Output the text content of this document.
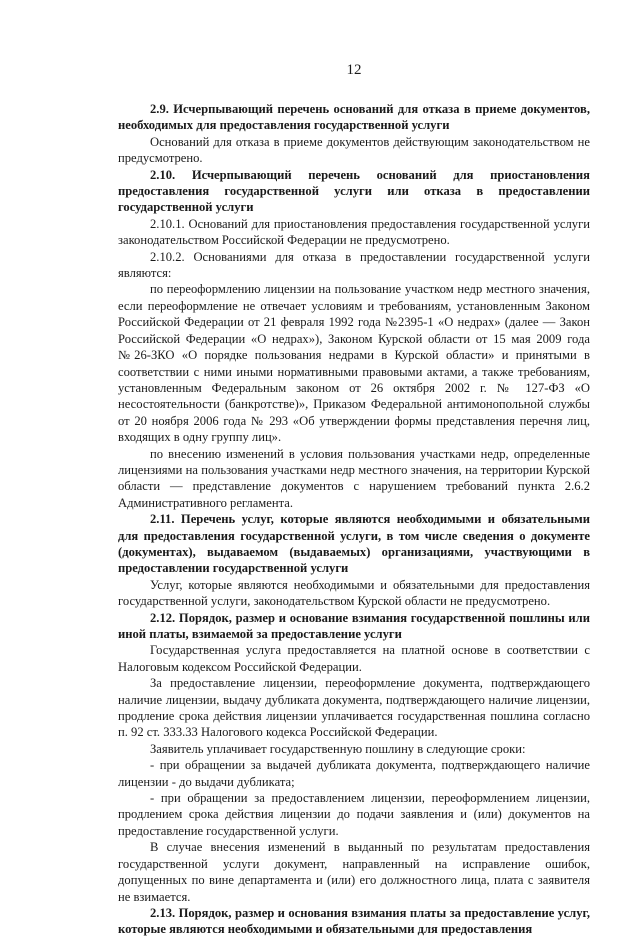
12

2.9. Исчерпывающий перечень оснований для отказа в приеме документов, необходимых для предоставления государственной услуги

Оснований для отказа в приеме документов действующим законодательством не предусмотрено.

2.10. Исчерпывающий перечень оснований для приостановления предоставления государственной услуги или отказа в предоставлении государственной услуги

2.10.1. Оснований для приостановления предоставления государственной услуги законодательством Российской Федерации не предусмотрено.

2.10.2. Основаниями для отказа в предоставлении государственной услуги являются:

по переоформлению лицензии на пользование участком недр местного значения, если переоформление не отвечает условиям и требованиям, установленным Законом Российской Федерации от 21 февраля 1992 года №2395-1 «О недрах» (далее — Закон Российской Федерации «О недрах»), Законом Курской области от 15 мая 2009 года №26-ЗКО «О порядке пользования недрами в Курской области» и принятыми в соответствии с ними иными нормативными правовыми актами, а также требованиям, установленным Федеральным законом от 26 октября 2002 г. № 127-ФЗ «О несостоятельности (банкротстве)», Приказом Федеральной антимонопольной службы от 20 ноября 2006 года № 293 «Об утверждении формы представления перечня лиц, входящих в одну группу лиц».

по внесению изменений в условия пользования участками недр, определенные лицензиями на пользования участками недр местного значения, на территории Курской области — представление документов с нарушением требований пункта 2.6.2 Административного регламента.

2.11. Перечень услуг, которые являются необходимыми и обязательными для предоставления государственной услуги, в том числе сведения о документе (документах), выдаваемом (выдаваемых) организациями, участвующими в предоставлении государственной услуги

Услуг, которые являются необходимыми и обязательными для предоставления государственной услуги, законодательством Курской области не предусмотрено.

2.12. Порядок, размер и основание взимания государственной пошлины или иной платы, взимаемой за предоставление услуги

Государственная услуга предоставляется на платной основе в соответствии с Налоговым кодексом Российской Федерации.

За предоставление лицензии, переоформление документа, подтверждающего наличие лицензии, выдачу дубликата документа, подтверждающего наличие лицензии, продление срока действия лицензии уплачивается государственная пошлина согласно п. 92 ст. 333.33 Налогового кодекса Российской Федерации.

Заявитель уплачивает государственную пошлину в следующие сроки:

- при обращении за выдачей дубликата документа, подтверждающего наличие лицензии - до выдачи дубликата;

- при обращении за предоставлением лицензии, переоформлением лицензии, продлением срока действия лицензии до подачи заявления и (или) документов на предоставление государственной услуги.

В случае внесения изменений в выданный по результатам предоставления государственной услуги документ, направленный на исправление ошибок, допущенных по вине департамента и (или) его должностного лица, плата с заявителя не взимается.

2.13. Порядок, размер и основания взимания платы за предоставление услуг, которые являются необходимыми и обязательными для предоставления
